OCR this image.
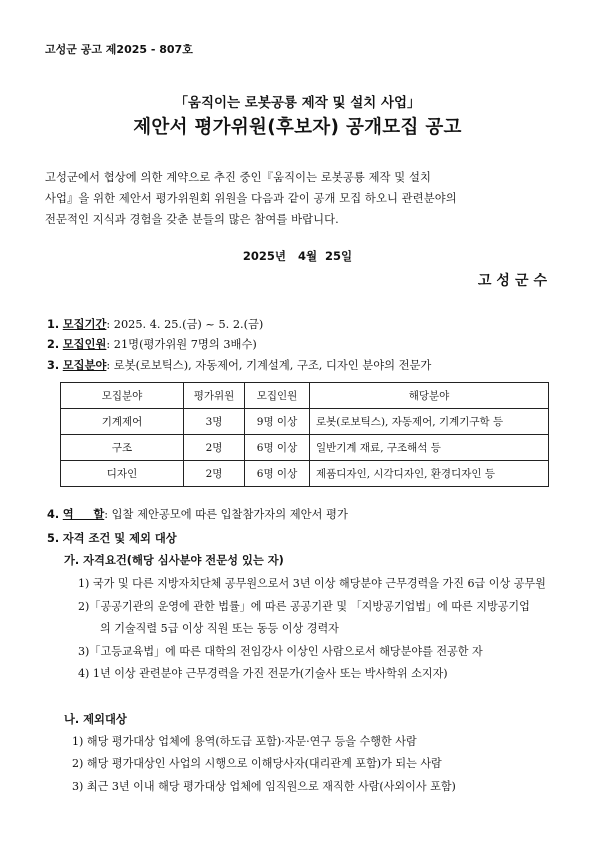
고성군 공고 제2025 - 807호
「움직이는 로봇공룡 제작 및 설치 사업」
제안서 평가위원(후보자) 공개모집 공고
고성군에서 협상에 의한 계약으로 추진 중인『움직이는 로봇공룡 제작 및 설치
사업』을 위한 제안서 평가위원회 위원을 다음과 같이 공개 모집 하오니 관련분야의
전문적인 지식과 경험을 갖춘 분들의 많은 참여를 바랍니다.
2025년   4월  25일
고성군수
1. 모집기간: 2025. 4. 25.(금) ~ 5. 2.(금)
2. 모집인원: 21명(평가위원 7명의 3배수)
3. 모집분야: 로봇(로보틱스), 자동제어, 기계설계, 구조, 디자인 분야의 전문가
모집분야	평가위원	모집인원	해당분야
기계제어	3명	9명 이상	로봇(로보틱스), 자동제어, 기계기구학 등
구조	2명	6명 이상	일반기계 재료, 구조해석 등
디자인	2명	6명 이상	제품디자인, 시각디자인, 환경디자인 등
4. 역     할: 입찰 제안공모에 따른 입찰참가자의 제안서 평가
5. 자격 조건 및 제외 대상
가. 자격요건(해당 심사분야 전문성 있는 자)
1) 국가 및 다른 지방자치단체 공무원으로서 3년 이상 해당분야 근무경력을 가진 6급 이상 공무원
2)「공공기관의 운영에 관한 법률」에 따른 공공기관 및 「지방공기업법」에 따른 지방공기업
의 기술직렬 5급 이상 직원 또는 동등 이상 경력자
3)「고등교육법」에 따른 대학의 전임강사 이상인 사람으로서 해당분야를 전공한 자
4) 1년 이상 관련분야 근무경력을 가진 전문가(기술사 또는 박사학위 소지자)
나. 제외대상
1) 해당 평가대상 업체에 용역(하도급 포함)·자문·연구 등을 수행한 사람
2) 해당 평가대상인 사업의 시행으로 이해당사자(대리관계 포함)가 되는 사람
3) 최근 3년 이내 해당 평가대상 업체에 임직원으로 재직한 사람(사외이사 포함)
